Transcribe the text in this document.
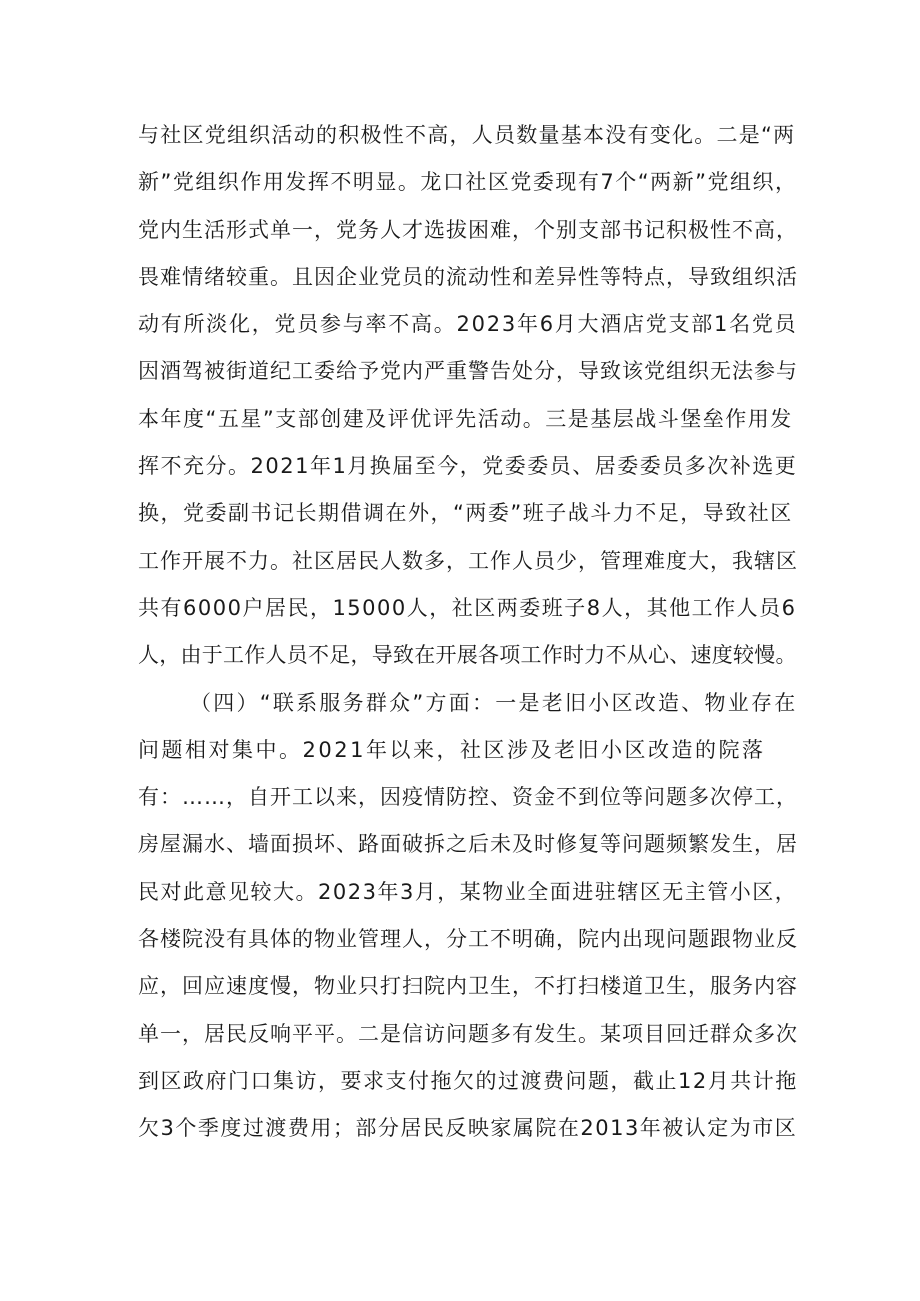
与社区党组织活动的积极性不高，人员数量基本没有变化。二是“两
新”党组织作用发挥不明显。龙口社区党委现有7个“两新”党组织，
党内生活形式单一，党务人才选拔困难，个别支部书记积极性不高，
畏难情绪较重。且因企业党员的流动性和差异性等特点，导致组织活
动有所淡化，党员参与率不高。2023年6月大酒店党支部1名党员
因酒驾被街道纪工委给予党内严重警告处分，导致该党组织无法参与
本年度“五星”支部创建及评优评先活动。三是基层战斗堡垒作用发
挥不充分。2021年1月换届至今，党委委员、居委委员多次补选更
换，党委副书记长期借调在外，“两委”班子战斗力不足，导致社区
工作开展不力。社区居民人数多，工作人员少，管理难度大，我辖区
共有6000户居民，15000人，社区两委班子8人，其他工作人员6
人，由于工作人员不足，导致在开展各项工作时力不从心、速度较慢。
（四）“联系服务群众”方面：一是老旧小区改造、物业存在
问题相对集中。2021年以来，社区涉及老旧小区改造的院落
有：……，自开工以来，因疫情防控、资金不到位等问题多次停工，
房屋漏水、墙面损坏、路面破拆之后未及时修复等问题频繁发生，居
民对此意见较大。2023年3月，某物业全面进驻辖区无主管小区，
各楼院没有具体的物业管理人，分工不明确，院内出现问题跟物业反
应，回应速度慢，物业只打扫院内卫生，不打扫楼道卫生，服务内容
单一，居民反响平平。二是信访问题多有发生。某项目回迁群众多次
到区政府门口集访，要求支付拖欠的过渡费问题，截止12月共计拖
欠3个季度过渡费用；部分居民反映家属院在2013年被认定为市区
